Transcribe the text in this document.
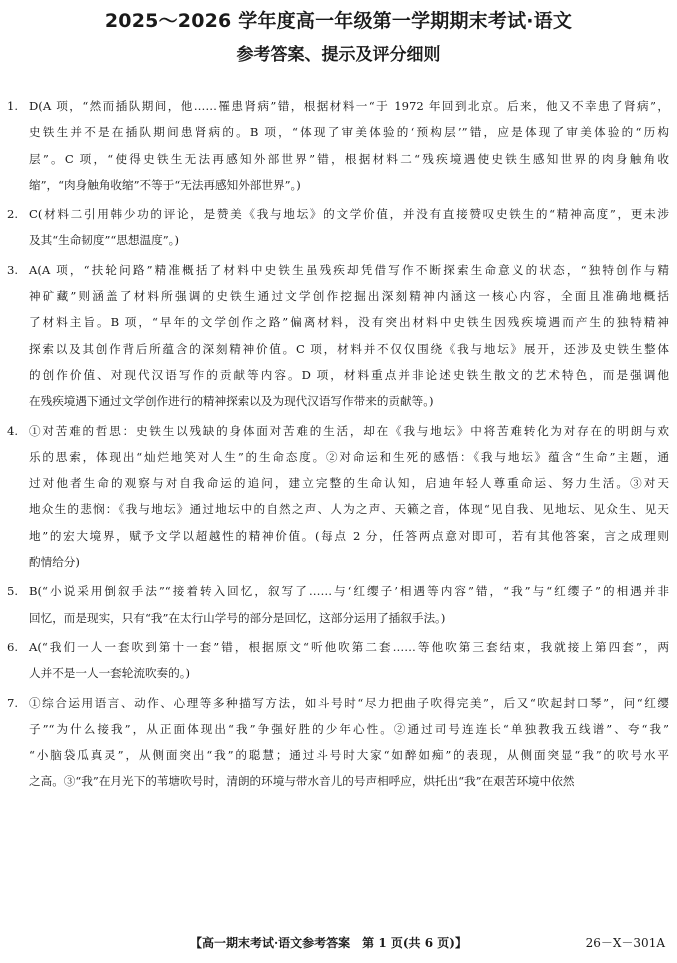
2025～2026 学年度高一年级第一学期期末考试·语文
参考答案、提示及评分细则
1. D(A 项，“然而插队期间，他……罹患肾病”错，根据材料一“于 1972 年回到北京。后来，他又不幸患了肾病”，
史铁生并不是在插队期间患肾病的。B 项，“体现了审美体验的‘预构层’”错，应是体现了审美体验的“历构
层”。C 项，“使得史铁生无法再感知外部世界”错，根据材料二“残疾境遇使史铁生感知世界的肉身触角收
缩”，“肉身触角收缩”不等于“无法再感知外部世界”。)
2. C(材料二引用韩少功的评论，是赞美《我与地坛》的文学价值，并没有直接赞叹史铁生的“精神高度”，更未涉
及其“生命韧度”“思想温度”。)
3. A(A 项，“扶轮问路”精准概括了材料中史铁生虽残疾却凭借写作不断探索生命意义的状态，“独特创作与精
神矿藏”则涵盖了材料所强调的史铁生通过文学创作挖掘出深刻精神内涵这一核心内容，全面且准确地概括
了材料主旨。B 项，“早年的文学创作之路”偏离材料，没有突出材料中史铁生因残疾境遇而产生的独特精神
探索以及其创作背后所蕴含的深刻精神价值。C 项，材料并不仅仅围绕《我与地坛》展开，还涉及史铁生整体
的创作价值、对现代汉语写作的贡献等内容。D 项，材料重点并非论述史铁生散文的艺术特色，而是强调他
在残疾境遇下通过文学创作进行的精神探索以及为现代汉语写作带来的贡献等。)
4. ①对苦难的哲思：史铁生以残缺的身体面对苦难的生活，却在《我与地坛》中将苦难转化为对存在的明朗与欢
乐的思索，体现出“灿烂地笑对人生”的生命态度。②对命运和生死的感悟：《我与地坛》蕴含“生命”主题，通
过对他者生命的观察与对自我命运的追问，建立完整的生命认知，启迪年轻人尊重命运、努力生活。③对天
地众生的悲悯：《我与地坛》通过地坛中的自然之声、人为之声、天籁之音，体现“见自我、见地坛、见众生、见天
地”的宏大境界，赋予文学以超越性的精神价值。(每点 2 分，任答两点意对即可，若有其他答案，言之成理则
酌情给分)
5. B(“小说采用倒叙手法”“接着转入回忆，叙写了……与‘红缨子’相遇等内容”错，“我”与“红缨子”的相遇并非
回忆，而是现实，只有“我”在太行山学号的部分是回忆，这部分运用了插叙手法。)
6. A(“我们一人一套吹到第十一套”错，根据原文“听他吹第二套……等他吹第三套结束，我就接上第四套”，两
人并不是一人一套轮流吹奏的。)
7. ①综合运用语言、动作、心理等多种描写方法，如斗号时“尽力把曲子吹得完美”，后又“吹起封口琴”，问“红缨
子”“为什么接我”，从正面体现出“我”争强好胜的少年心性。②通过司号连连长“单独教我五线谱”、夸“我”
“小脑袋瓜真灵”，从侧面突出“我”的聪慧；通过斗号时大家“如醉如痴”的表现，从侧面突显“我”的吹号水平
之高。③“我”在月光下的苇塘吹号时，清朗的环境与带水音儿的号声相呼应，烘托出“我”在艰苦环境中依然
【高一期末考试·语文参考答案　第 1 页(共 6 页)】	26－X－301A
